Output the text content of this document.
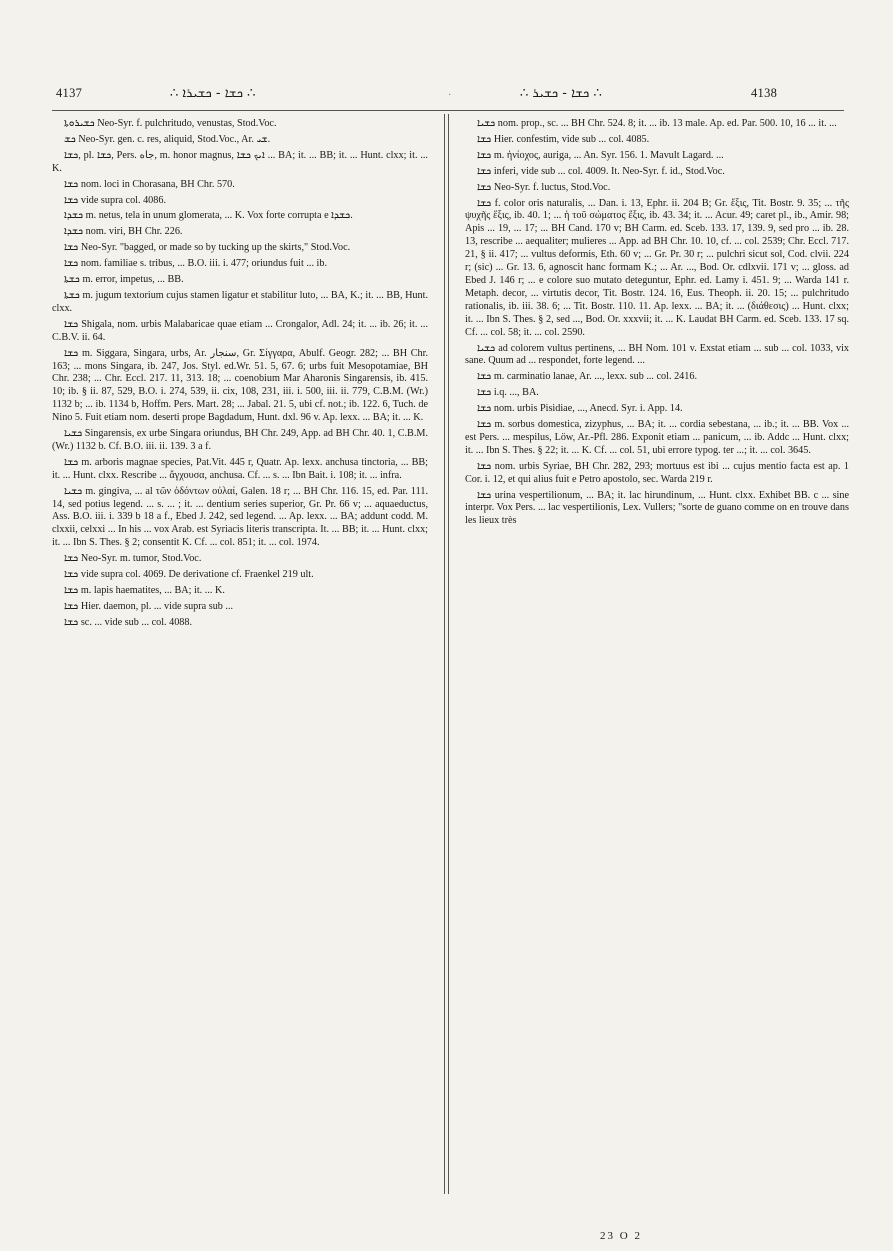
4137	∴ ܟܫܐ - ܟܫܝܪܐ ∴	·	∴ ܟܫܐ - ܟܫܝܪ ∴	4138
ܟܫܝܪܘܬܐ Neo-Syr. f. pulchritudo, venustas, Stod.Voc.
ܟܫ Neo-Syr. gen. c. res, aliquid, Stod.Voc., Ar. ܫܝ.
ܟܫܐ, pl. ܟܫܐ, Pers. ﺟﺎﻩ, m. honor magnus, ܐܝܟ ܟܫܐ ... BA; it. ... BB; it. ... Hunt. clxx; it. ... K.
ܟܫܐ nom. loci in Chorasana, BH Chr. 570.
ܟܫܐ vide supra col. 4086.
ܟܫܕܐ m. netus, tela in unum glomerata, ... K. Vox forte corrupta e ܟܫܕܐ.
ܟܫܕܐ nom. viri, BH Chr. 226.
ܟܫܐ Neo-Syr. "bagged, or made so by tucking up the skirts," Stod.Voc.
ܟܫܐ nom. familiae s. tribus, ... B.O. iii. i. 477; oriundus fuit ... ib.
ܟܫܬܐ m. error, impetus, ... BB.
ܟܫܬܐ m. jugum textorium cujus stamen ligatur et stabilitur luto, ... BA, K.; it. ... BB, Hunt. clxx.
ܟܫܐ Shigala, nom. urbis Malabaricae quae etiam ... Crongalor, Adl. 24; it. ... ib. 26; it. ... C.B.V. ii. 64.
ܟܫܐ m. Siggara, Singara, urbs, Ar. ﺳﻨﺠﺎﺭ, Gr. Σίγγαρα, Abulf. Geogr. 282; ... BH Chr. 163; ... mons Singara, ib. 247, Jos. Styl. ed.Wr. 51. 5, 67. 6; urbs fuit Mesopotamiae, BH Chr. 238; ... Chr. Eccl. 217. 11, 313. 18; ... coenobium Mar Aharonis Singarensis, ib. 415. 10; ib. § ii. 87, 529, B.O. i. 274, 539, ii. cix, 108, 231, iii. i. 500, iii. ii. 779, C.B.M. (Wr.) 1132 b; ... ib. 1134 b, Hoffm. Pers. Mart. 28; ... Jabal. 21. 5, ubi cf. not.; ib. 122. 6, Tuch. de Nino 5. Fuit etiam nom. deserti prope Bagdadum, Hunt. dxl. 96 v. Ap. lexx. ... BA; it. ... K.
ܟܫܝܐ Singarensis, ex urbe Singara oriundus, BH Chr. 249, App. ad BH Chr. 40. 1, C.B.M. (Wr.) 1132 b. Cf. B.O. iii. ii. 139. 3 a f.
ܟܫܐ m. arboris magnae species, Pat.Vit. 445 r, Quatr. Ap. lexx. anchusa tinctoria, ... BB; it. ... Hunt. clxx. Rescribe ... ἄγχουσα, anchusa. Cf. ... s. ... Ibn Bait. i. 108; it. ... infra.
ܟܫܝܐ m. gingiva, ... al τῶν ὀδόντων οὐλαί, Galen. 18 r; ... BH Chr. 116. 15, ed. Par. 111. 14, sed potius legend. ... s. ... ; it. ... dentium series superior, Gr. Pr. 66 v; ... aquaeductus, Ass. B.O. iii. i. 339 b 18 a f., Ebed J. 242, sed legend. ... Ap. lexx. ... BA; addunt codd. M. clxxii, celxxi ... In his ... vox Arab. est Syriacis literis transcripta. It. ... BB; it. ... Hunt. clxx; it. ... Ibn S. Thes. § 2; consentit K. Cf. ... col. 851; it. ... col. 1974.
ܟܫܐ Neo-Syr. m. tumor, Stod.Voc.
ܟܫܐ vide supra col. 4069. De derivatione cf. Fraenkel 219 ult.
ܟܫܐ m. lapis haematites, ... BA; it. ... K.
ܟܫܐ Hier. daemon, pl. ... vide supra sub ...
ܟܫܐ sc. ... vide sub ... col. 4088.
ܟܫܝܐ nom. prop., sc. ... BH Chr. 524. 8; it. ... ib. 13 male. Ap. ed. Par. 500. 10, 16 ... it. ...
ܟܫܐ Hier. confestim, vide sub ... col. 4085.
ܟܫܐ m. ἡνίοχος, auriga, ... An. Syr. 156. 1. Mavult Lagard. ...
ܟܫܐ inferi, vide sub ... col. 4009. It. Neo-Syr. f. id., Stod.Voc.
ܟܫܐ Neo-Syr. f. luctus, Stod.Voc.
ܟܫܐ f. color oris naturalis, ... Dan. i. 13, Ephr. ii. 204 B; Gr. ἕξις, Tit. Bostr. 9. 35; ... τῆς ψυχῆς ἕξις, ib. 40. 1; ... ἡ τοῦ σώματος ἕξις, ib. 43. 34; it. ... Acur. 49; caret pl., ib., Amir. 98; Apis ... 19, ... 17; ... BH Cand. 170 v; BH Carm. ed. Sceb. 133. 17, 139. 9, sed pro ... ib. 28. 13, rescribe ... aequaliter; mulieres ... App. ad BH Chr. 10. 10, cf. ... col. 2539; Chr. Eccl. 717. 21, § ii. 417; ... vultus deformis, Eth. 60 v; ... Gr. Pr. 30 r; ... pulchri sicut sol, Cod. clvii. 224 r; (sic) ... Gr. 13. 6, agnoscit hanc formam K.; ... Ar. ..., Bod. Or. cdlxvii. 171 v; ... gloss. ad Ebed J. 146 r; ... e colore suo mutato deteguntur, Ephr. ed. Lamy i. 451. 9; ... Warda 141 r. Metaph. decor, ... virtutis decor, Tit. Bostr. 124. 16, Eus. Theoph. ii. 20. 15; ... pulchritudo rationalis, ib. iii. 38. 6; ... Tit. Bostr. 110. 11. Ap. lexx. ... BA; it. ... (διάθεσις) ... Hunt. clxx; it. ... Ibn S. Thes. § 2, sed ..., Bod. Or. xxxvii; it. ... K. Laudat BH Carm. ed. Sceb. 133. 17 sq. Cf. ... col. 58; it. ... col. 2590.
ܟܫܝܐ ad colorem vultus pertinens, ... BH Nom. 101 v. Exstat etiam ... sub ... col. 1033, vix sane. Quum ad ... respondet, forte legend. ...
ܟܫܐ m. carminatio lanae, Ar. ..., lexx. sub ... col. 2416.
ܟܫܐ i.q. ..., BA.
ܟܫܐ nom. urbis Pisidiae, ..., Anecd. Syr. i. App. 14.
ܟܫܐ m. sorbus domestica, zizyphus, ... BA; it. ... cordia sebestana, ... ib.; it. ... BB. Vox ... est Pers. ... mespilus, Löw, Ar.-Pfl. 286. Exponit etiam ... panicum, ... ib. Addc ... Hunt. clxx; it. ... Ibn S. Thes. § 22; it. ... K. Cf. ... col. 51, ubi errore typog. ter ...; it. ... col. 3645.
ܟܫܐ nom. urbis Syriae, BH Chr. 282, 293; mortuus est ibi ... cujus mentio facta est ap. 1 Cor. i. 12, et qui alius fuit e Petro apostolo, sec. Warda 219 r.
ܟܫܐ urina vespertilionum, ... BA; it. lac hirundinum, ... Hunt. clxx. Exhibet BB. c ... sine interpr. Vox Pers. ... lac vespertilionis, Lex. Vullers; "sorte de guano comme on en trouve dans les lieux très
23 O 2
